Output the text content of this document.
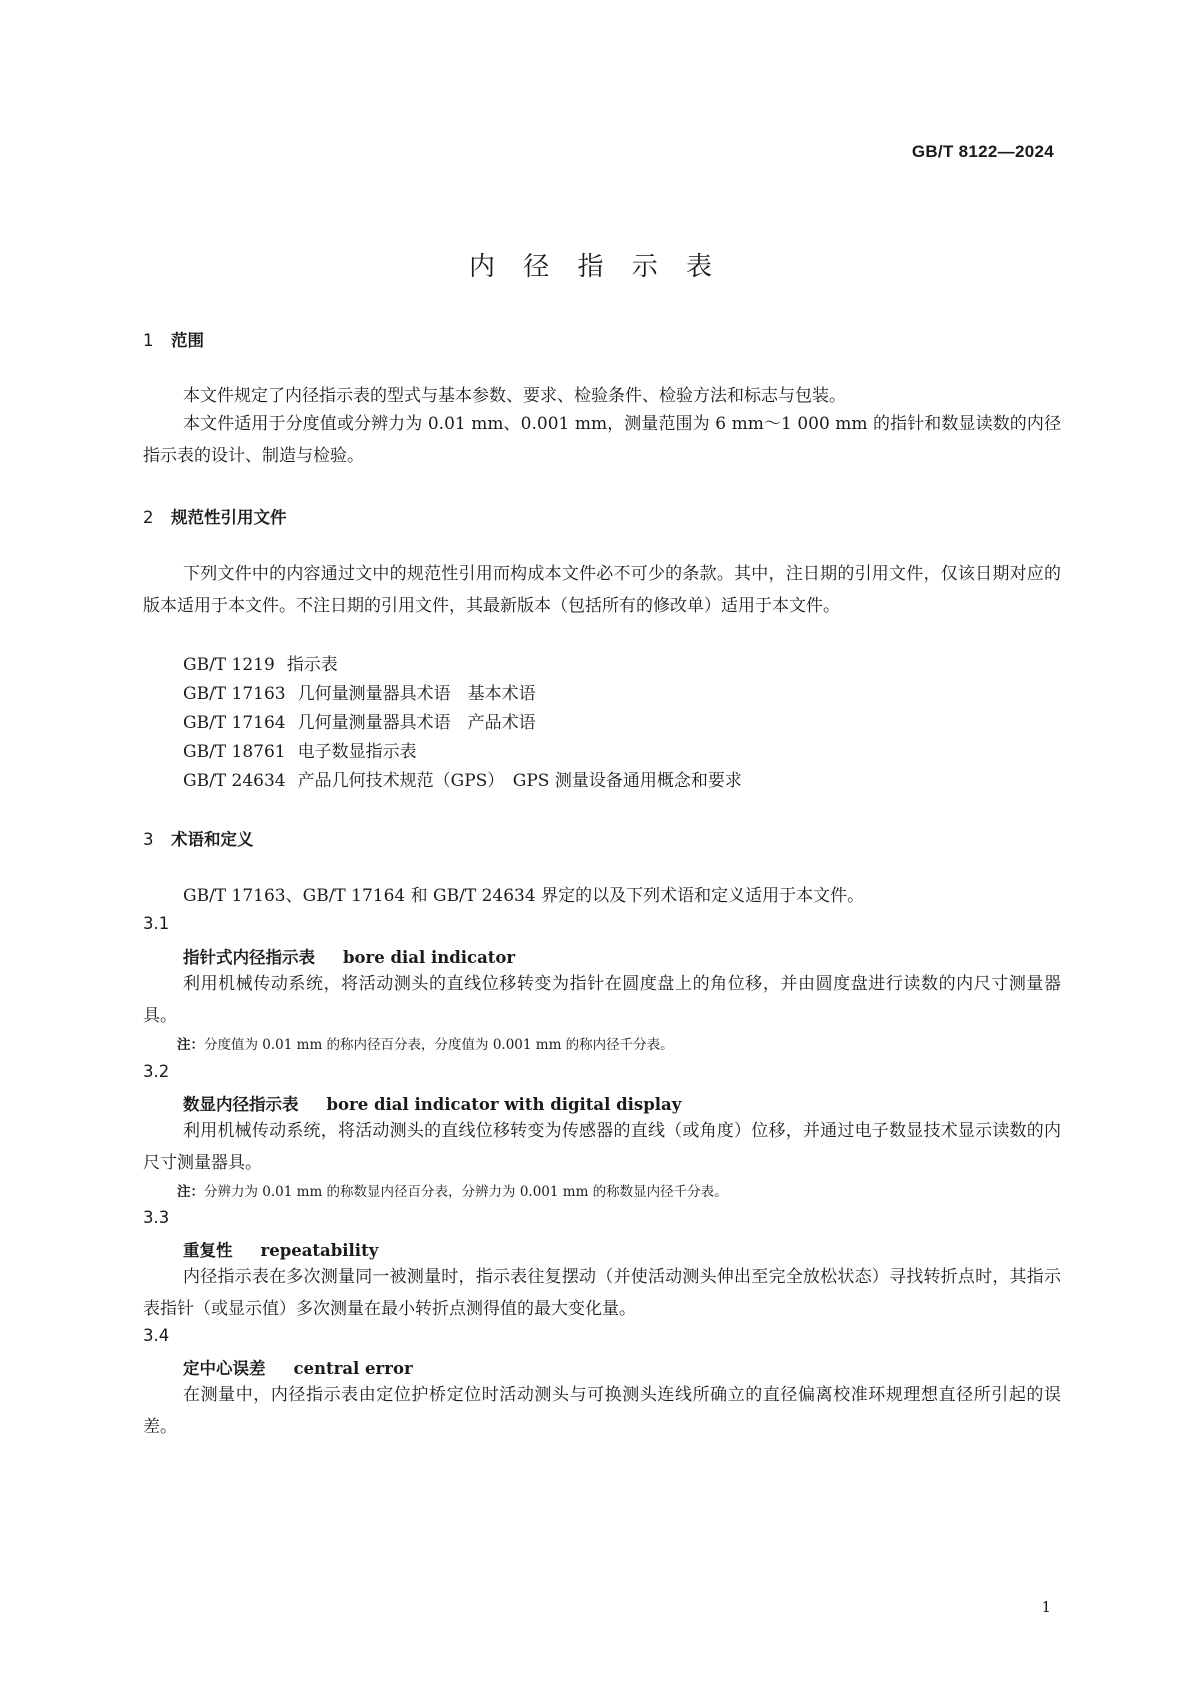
GB/T 8122—2024
内 径 指 示 表
1 范围
本文件规定了内径指示表的型式与基本参数、要求、检验条件、检验方法和标志与包装。
本文件适用于分度值或分辨力为 0.01 mm、0.001 mm，测量范围为 6 mm～1 000 mm 的指针和数显读数的内径指示表的设计、制造与检验。
2 规范性引用文件
下列文件中的内容通过文中的规范性引用而构成本文件必不可少的条款。其中，注日期的引用文件，仅该日期对应的版本适用于本文件。不注日期的引用文件，其最新版本（包括所有的修改单）适用于本文件。
GB/T 1219 指示表
GB/T 17163 几何量测量器具术语　基本术语
GB/T 17164 几何量测量器具术语　产品术语
GB/T 18761 电子数显指示表
GB/T 24634 产品几何技术规范（GPS）　GPS 测量设备通用概念和要求
3 术语和定义
GB/T 17163、GB/T 17164 和 GB/T 24634 界定的以及下列术语和定义适用于本文件。
3.1
指针式内径指示表 bore dial indicator
利用机械传动系统，将活动测头的直线位移转变为指针在圆度盘上的角位移，并由圆度盘进行读数的内尺寸测量器具。
注：分度值为 0.01 mm 的称内径百分表，分度值为 0.001 mm 的称内径千分表。
3.2
数显内径指示表 bore dial indicator with digital display
利用机械传动系统，将活动测头的直线位移转变为传感器的直线（或角度）位移，并通过电子数显技术显示读数的内尺寸测量器具。
注：分辨力为 0.01 mm 的称数显内径百分表，分辨力为 0.001 mm 的称数显内径千分表。
3.3
重复性 repeatability
内径指示表在多次测量同一被测量时，指示表往复摆动（并使活动测头伸出至完全放松状态）寻找转折点时，其指示表指针（或显示值）多次测量在最小转折点测得值的最大变化量。
3.4
定中心误差 central error
在测量中，内径指示表由定位护桥定位时活动测头与可换测头连线所确立的直径偏离校准环规理想直径所引起的误差。
1
